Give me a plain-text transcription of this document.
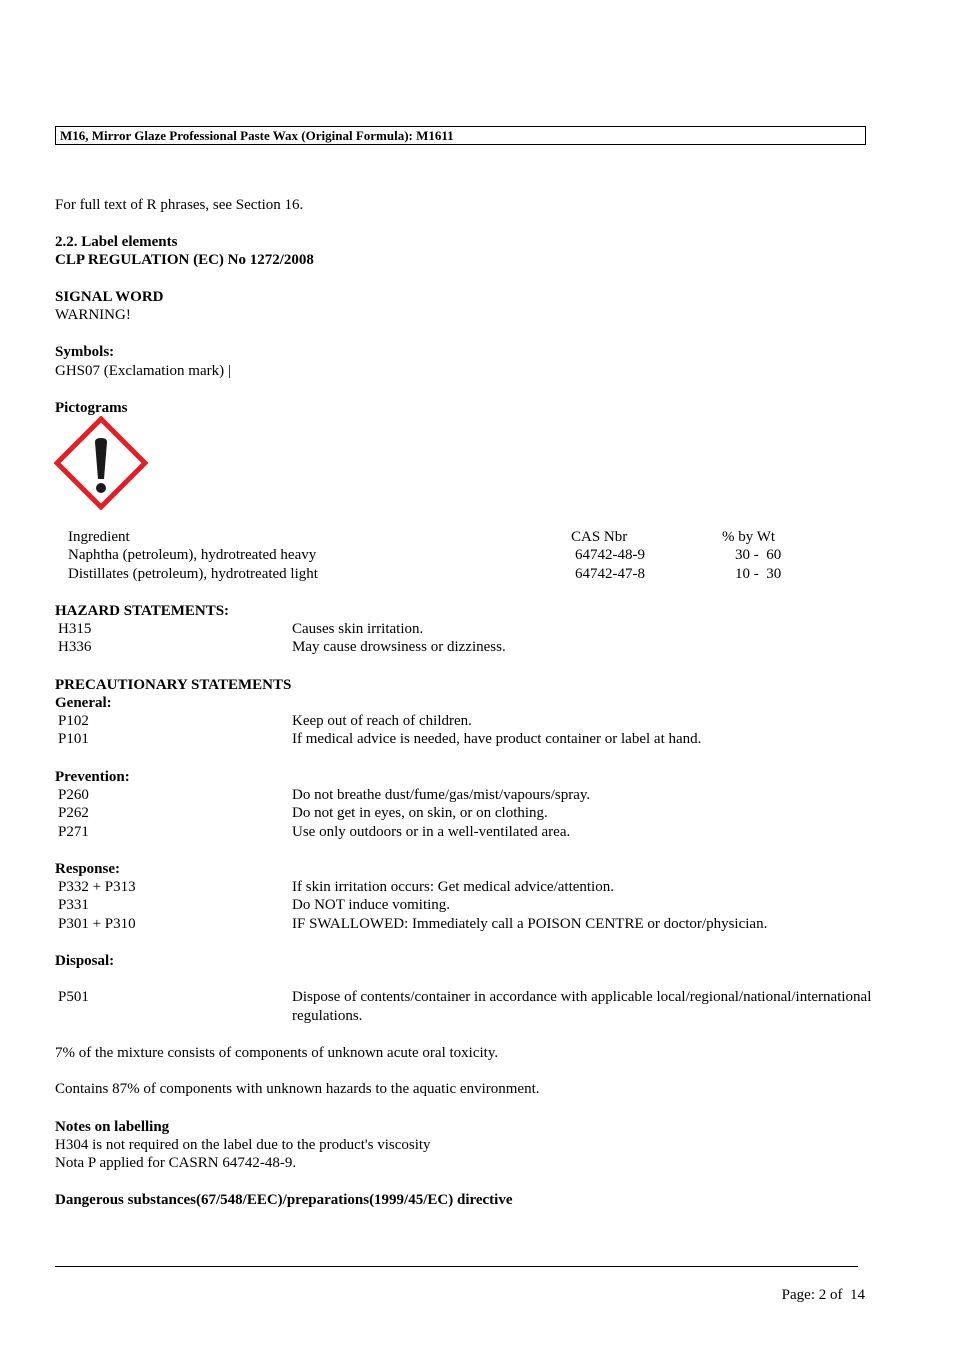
M16, Mirror Glaze Professional Paste Wax (Original Formula): M1611
For full text of R phrases, see Section 16.
2.2. Label elements
CLP REGULATION (EC) No 1272/2008
SIGNAL WORD
WARNING!
Symbols:
GHS07 (Exclamation mark) |
Pictograms
Ingredient	CAS Nbr	% by Wt
Naphtha (petroleum), hydrotreated heavy	64742-48-9	30 -  60
Distillates (petroleum), hydrotreated light	64742-47-8	10 -  30
HAZARD STATEMENTS:
H315	Causes skin irritation.
H336	May cause drowsiness or dizziness.
PRECAUTIONARY STATEMENTS
General:
P102	Keep out of reach of children.
P101	If medical advice is needed, have product container or label at hand.
Prevention:
P260	Do not breathe dust/fume/gas/mist/vapours/spray.
P262	Do not get in eyes, on skin, or on clothing.
P271	Use only outdoors or in a well-ventilated area.
Response:
P332 + P313	If skin irritation occurs: Get medical advice/attention.
P331	Do NOT induce vomiting.
P301 + P310	IF SWALLOWED: Immediately call a POISON CENTRE or doctor/physician.
Disposal:
P501	Dispose of contents/container in accordance with applicable local/regional/national/international regulations.
7% of the mixture consists of components of unknown acute oral toxicity.
Contains 87% of components with unknown hazards to the aquatic environment.
Notes on labelling
H304 is not required on the label due to the product's viscosity
Nota P applied for CASRN 64742-48-9.
Dangerous substances(67/548/EEC)/preparations(1999/45/EC) directive
Page: 2 of  14
